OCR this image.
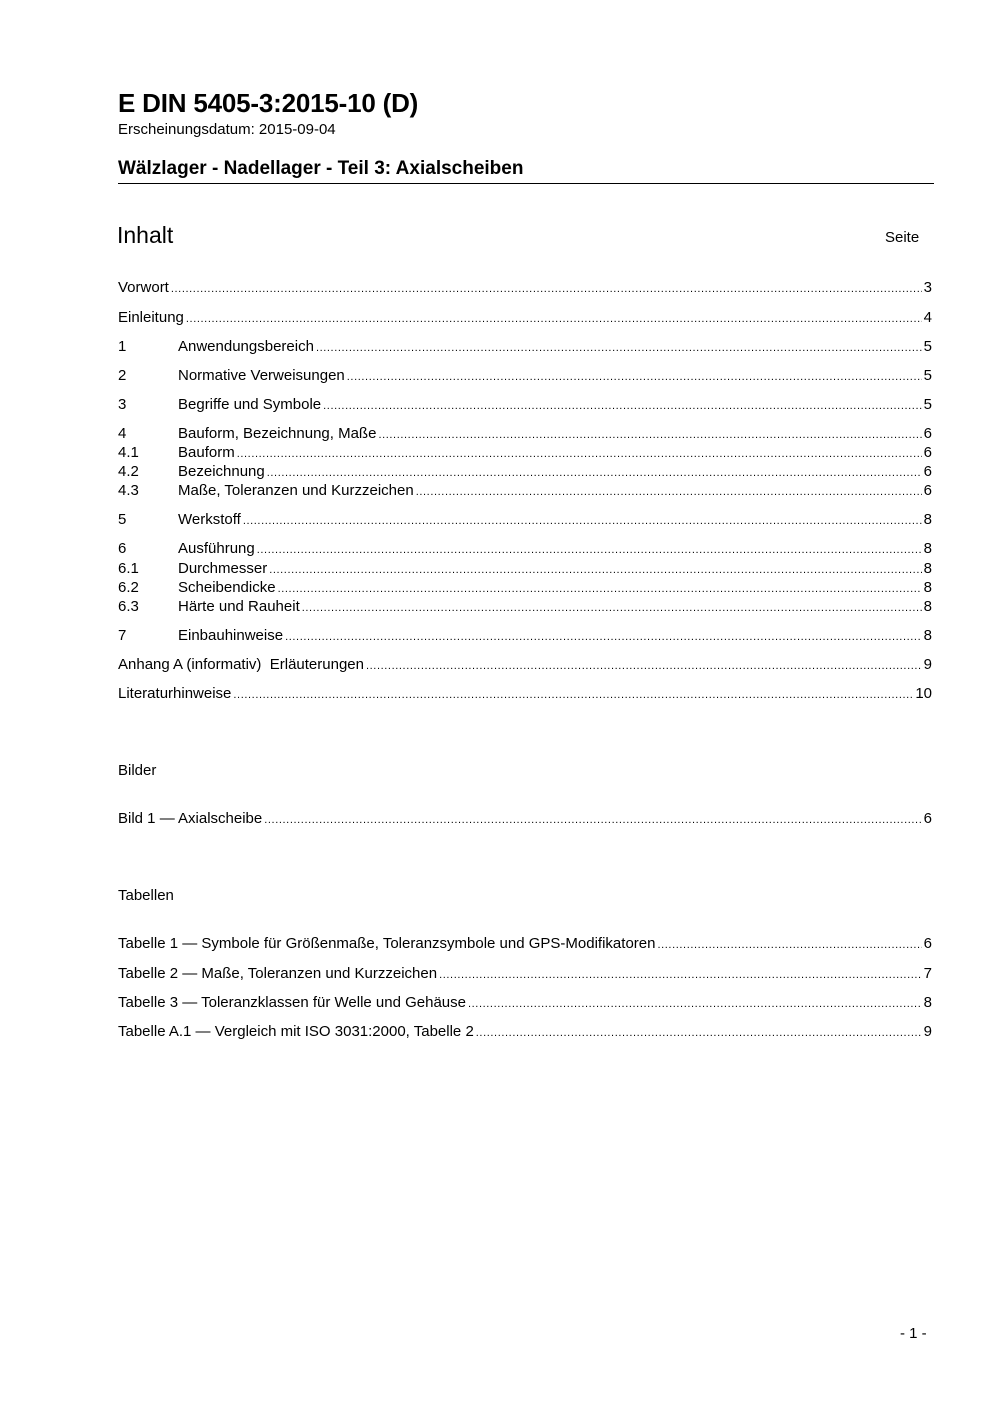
E DIN 5405-3:2015-10 (D)
Erscheinungsdatum: 2015-09-04
Wälzlager - Nadellager - Teil 3: Axialscheiben
Inhalt	Seite
Vorwort .....	3
Einleitung .....	4
1	Anwendungsbereich .....	5
2	Normative Verweisungen .....	5
3	Begriffe und Symbole .....	5
4	Bauform, Bezeichnung, Maße .....	6
4.1	Bauform .....	6
4.2	Bezeichnung .....	6
4.3	Maße, Toleranzen und Kurzzeichen .....	6
5	Werkstoff .....	8
6	Ausführung .....	8
6.1	Durchmesser .....	8
6.2	Scheibendicke .....	8
6.3	Härte und Rauheit .....	8
7	Einbauhinweise .....	8
Anhang A (informativ)  Erläuterungen .....	9
Literaturhinweise .....	10
Bilder
Bild 1 — Axialscheibe .....	6
Tabellen
Tabelle 1 — Symbole für Größenmaße, Toleranzsymbole und GPS-Modifikatoren .....	6
Tabelle 2 — Maße, Toleranzen und Kurzzeichen .....	7
Tabelle 3 — Toleranzklassen für Welle und Gehäuse .....	8
Tabelle A.1 — Vergleich mit ISO 3031:2000, Tabelle 2 .....	9
- 1 -
